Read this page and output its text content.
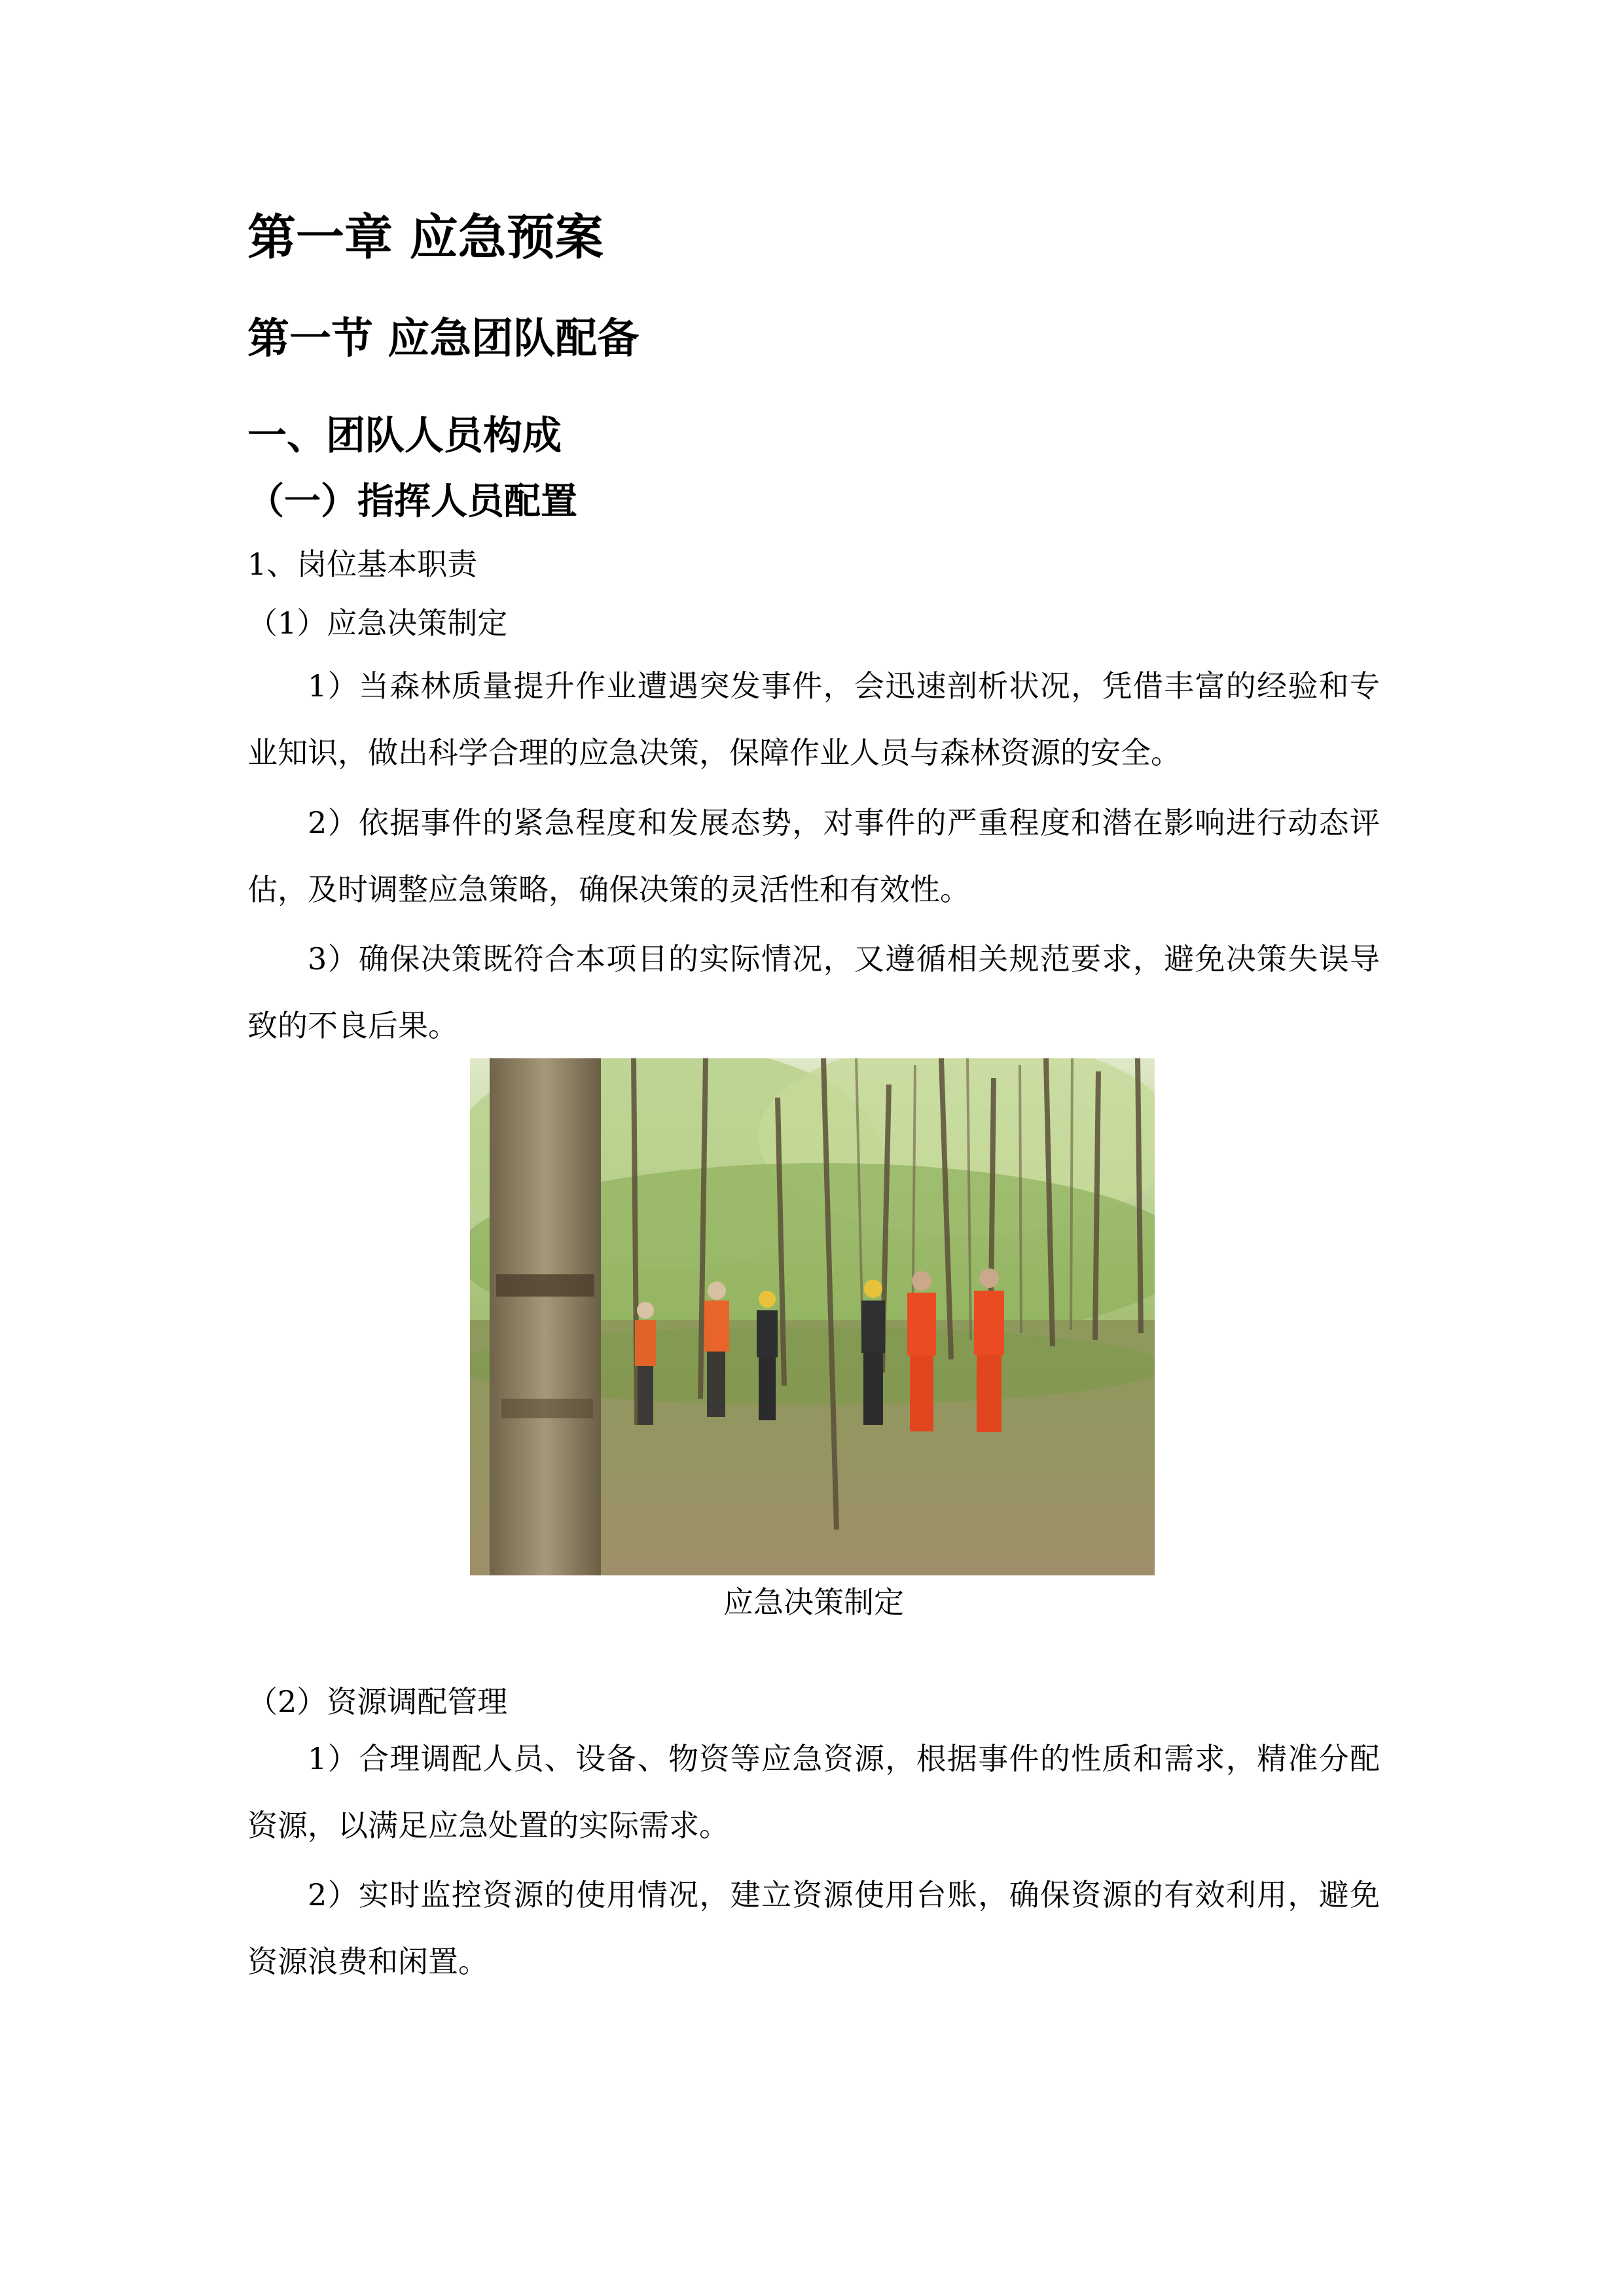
第一章 应急预案
第一节 应急团队配备
一、团队人员构成
（一）指挥人员配置
1、岗位基本职责
（1）应急决策制定

1）当森林质量提升作业遭遇突发事件，会迅速剖析状况，凭借丰富的经验和专业知识，做出科学合理的应急决策，保障作业人员与森林资源的安全。

2）依据事件的紧急程度和发展态势，对事件的严重程度和潜在影响进行动态评估，及时调整应急策略，确保决策的灵活性和有效性。

3）确保决策既符合本项目的实际情况，又遵循相关规范要求，避免决策失误导致的不良后果。

应急决策制定
（2）资源调配管理

1）合理调配人员、设备、物资等应急资源，根据事件的性质和需求，精准分配资源，以满足应急处置的实际需求。

2）实时监控资源的使用情况，建立资源使用台账，确保资源的有效利用，避免资源浪费和闲置。
